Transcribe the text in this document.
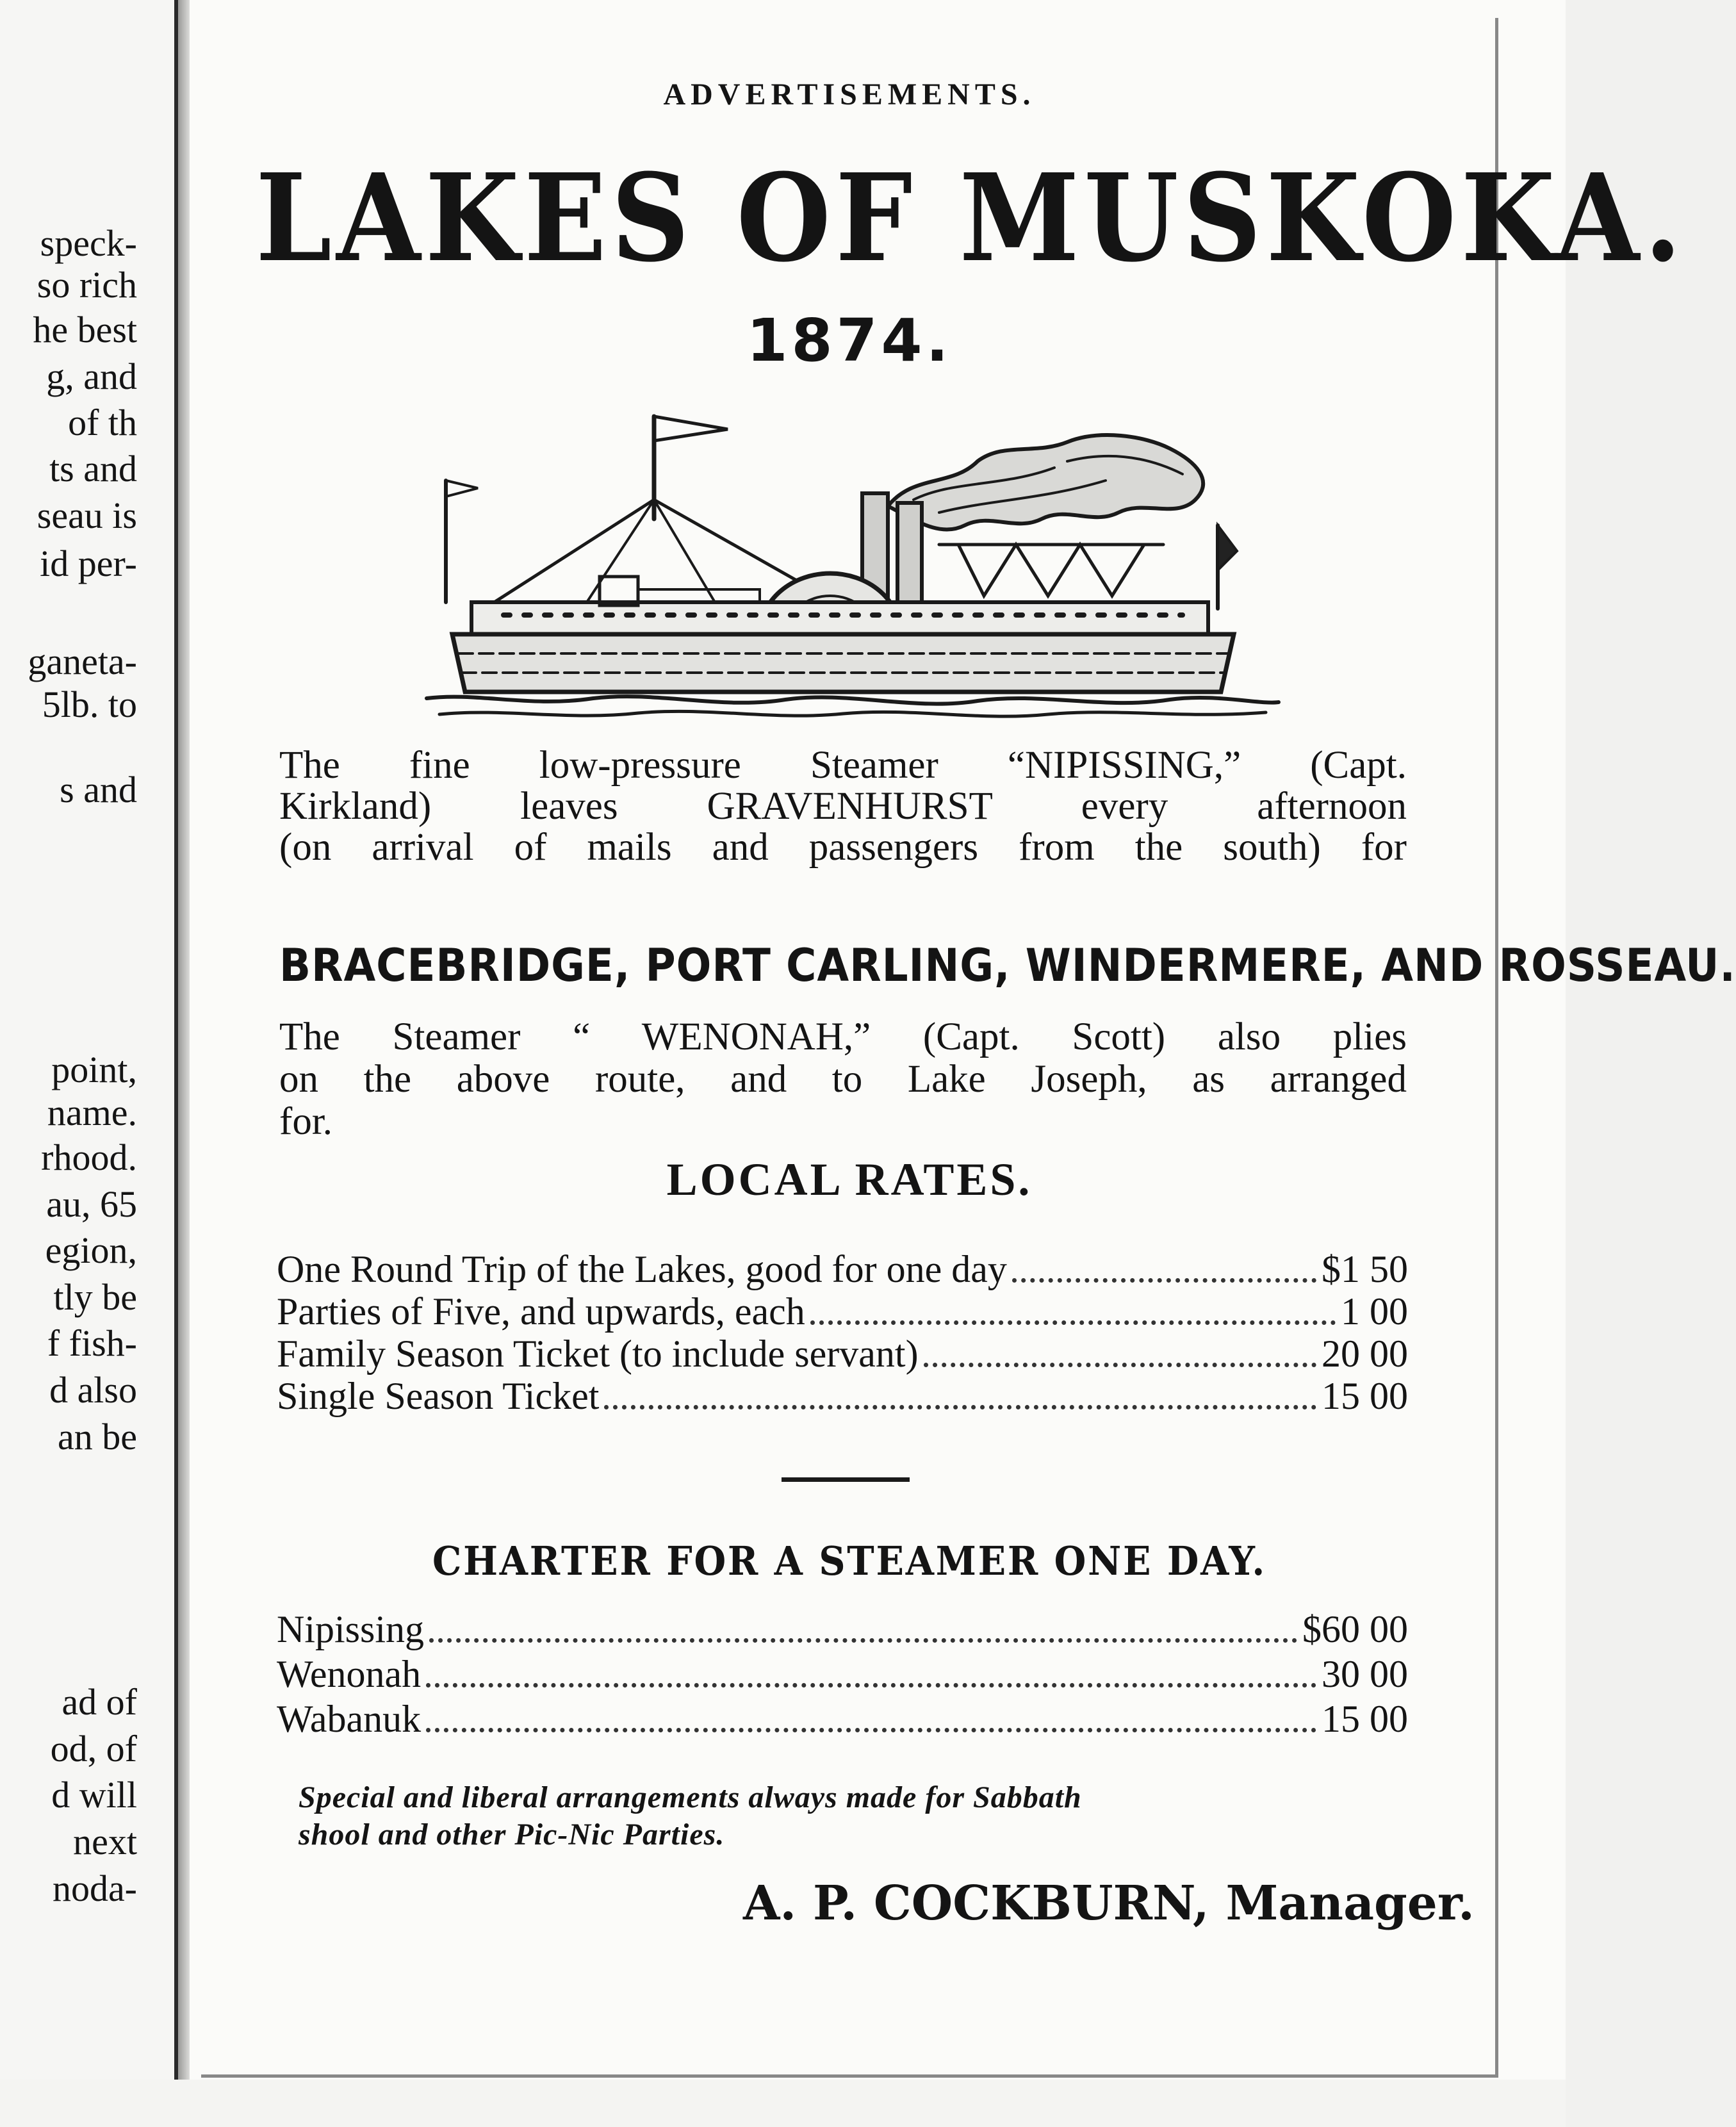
speck-
so rich
he best
g, and
of th
ts and
seau is
id per-
ganeta-
5lb. to
s and
point,
name.
rhood.
au, 65
egion,
tly be
f fish-
d also
an be
ad of
od, of
d will
next
noda-
ADVERTISEMENTS.
LAKES OF MUSKOKA.
1874.
The fine low-pressure Steamer “NIPISSING,” (Capt.
Kirkland) leaves GRAVENHURST every afternoon
(on arrival of mails and passengers from the south) for
BRACEBRIDGE, PORT CARLING, WINDERMERE, AND ROSSEAU.
The Steamer “ WENONAH,” (Capt. Scott) also plies
on the above route, and to Lake Joseph, as arranged
for.
LOCAL RATES.
One Round Trip of the Lakes, good for one day	$1 50
Parties of Five, and upwards, each	1 00
Family Season Ticket (to include servant)	20 00
Single Season Ticket	15 00
CHARTER FOR A STEAMER ONE DAY.
Nipissing	$60 00
Wenonah	30 00
Wabanuk	15 00
Special and liberal arrangements always made for Sabbath
shool and other Pic-Nic Parties.
A. P. COCKBURN, Manager.
